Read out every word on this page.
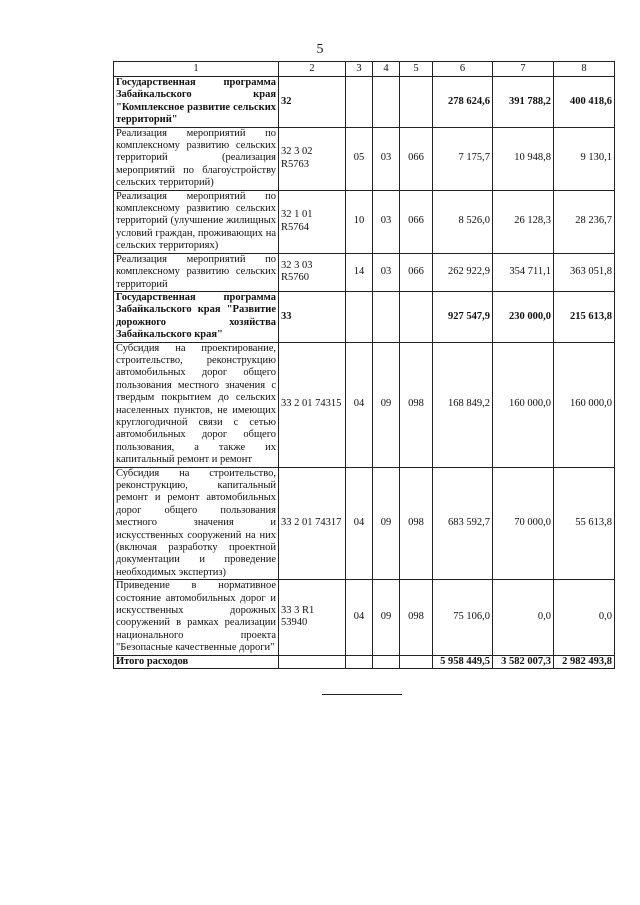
5
1	2	3	4	5	6	7	8
Государственная программа Забайкальского края "Комплексное развитие сельских территорий"	32				278 624,6	391 788,2	400 418,6
Реализация мероприятий по комплексному развитию сельских территорий (реализация мероприятий по благоустройству сельских территорий)	32 3 02 R5763	05	03	066	7 175,7	10 948,8	9 130,1
Реализация мероприятий по комплексному развитию сельских территорий (улучшение жилищных условий граждан, проживающих на сельских территориях)	32 1 01 R5764	10	03	066	8 526,0	26 128,3	28 236,7
Реализация мероприятий по комплексному развитию сельских территорий	32 3 03 R5760	14	03	066	262 922,9	354 711,1	363 051,8
Государственная программа Забайкальского края "Развитие дорожного хозяйства Забайкальского края"	33				927 547,9	230 000,0	215 613,8
Субсидия на проектирование, строительство, реконструкцию автомобильных дорог общего пользования местного значения с твердым покрытием до сельских населенных пунктов, не имеющих круглогодичной связи с сетью автомобильных дорог общего пользования, а также их капитальный ремонт и ремонт	33 2 01 74315	04	09	098	168 849,2	160 000,0	160 000,0
Субсидия на строительство, реконструкцию, капитальный ремонт и ремонт автомобильных дорог общего пользования местного значения и искусственных сооружений на них (включая разработку проектной документации и проведение необходимых экспертиз)	33 2 01 74317	04	09	098	683 592,7	70 000,0	55 613,8
Приведение в нормативное состояние автомобильных дорог и искусственных дорожных сооружений в рамках реализации национального проекта "Безопасные качественные дороги"	33 3 R1 53940	04	09	098	75 106,0	0,0	0,0
Итого расходов					5 958 449,5	3 582 007,3	2 982 493,8
